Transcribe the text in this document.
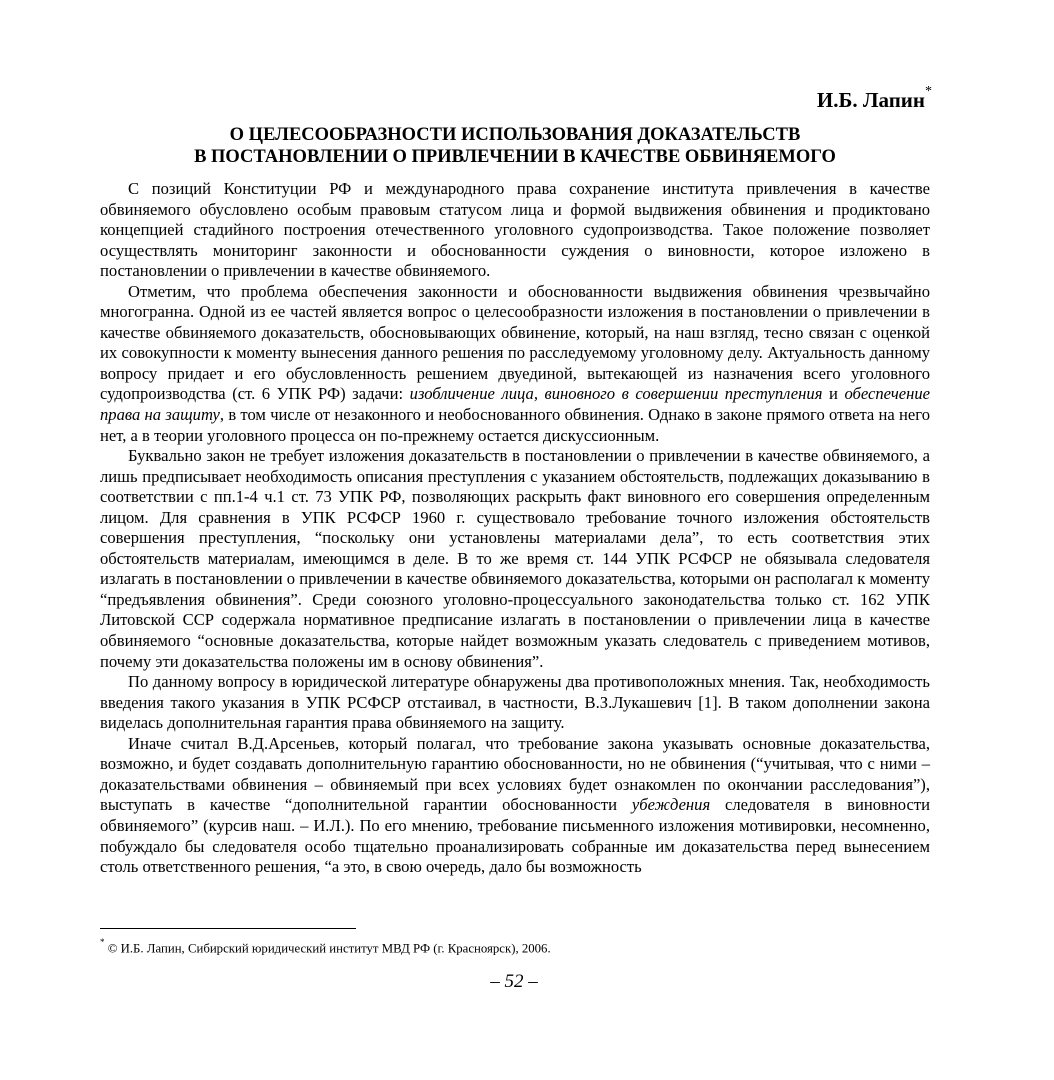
И.Б. Лапин*
О ЦЕЛЕСООБРАЗНОСТИ ИСПОЛЬЗОВАНИЯ ДОКАЗАТЕЛЬСТВ
В ПОСТАНОВЛЕНИИ О ПРИВЛЕЧЕНИИ В КАЧЕСТВЕ ОБВИНЯЕМОГО

С позиций Конституции РФ и международного права сохранение института привлечения в качестве обвиняемого обусловлено особым правовым статусом лица и формой выдвижения обвинения и продиктовано концепцией стадийного построения отечественного уголовного судопроизводства. Такое положение позволяет осуществлять мониторинг законности и обоснованности суждения о виновности, которое изложено в постановлении о привлечении в качестве обвиняемого.

Отметим, что проблема обеспечения законности и обоснованности выдвижения обвинения чрезвычайно многогранна. Одной из ее частей является вопрос о целесообразности изложения в постановлении о привлечении в качестве обвиняемого доказательств, обосновывающих обвинение, который, на наш взгляд, тесно связан с оценкой их совокупности к моменту вынесения данного решения по расследуемому уголовному делу. Актуальность данному вопросу придает и его обусловленность решением двуединой, вытекающей из назначения всего уголовного судопроизводства (ст. 6 УПК РФ) задачи: изобличение лица, виновного в совершении преступления и обеспечение права на защиту, в том числе от незаконного и необоснованного обвинения. Однако в законе прямого ответа на него нет, а в теории уголовного процесса он по-прежнему остается дискуссионным.

Буквально закон не требует изложения доказательств в постановлении о привлечении в качестве обвиняемого, а лишь предписывает необходимость описания преступления с указанием обстоятельств, подлежащих доказыванию в соответствии с пп.1-4 ч.1 ст. 73 УПК РФ, позволяющих раскрыть факт виновного его совершения определенным лицом. Для сравнения в УПК РСФСР 1960 г. существовало требование точного изложения обстоятельств совершения преступления, “поскольку они установлены материалами дела”, то есть соответствия этих обстоятельств материалам, имеющимся в деле. В то же время ст. 144 УПК РСФСР не обязывала следователя излагать в постановлении о привлечении в качестве обвиняемого доказательства, которыми он располагал к моменту “предъявления обвинения”. Среди союзного уголовно-процессуального законодательства только ст. 162 УПК Литовской ССР содержала нормативное предписание излагать в постановлении о привлечении лица в качестве обвиняемого “основные доказательства, которые найдет возможным указать следователь с приведением мотивов, почему эти доказательства положены им в основу обвинения”.

По данному вопросу в юридической литературе обнаружены два противоположных мнения. Так, необходимость введения такого указания в УПК РСФСР отстаивал, в частности, В.З.Лукашевич [1]. В таком дополнении закона виделась дополнительная гарантия права обвиняемого на защиту.

Иначе считал В.Д.Арсеньев, который полагал, что требование закона указывать основные доказательства, возможно, и будет создавать дополнительную гарантию обоснованности, но не обвинения (“учитывая, что с ними – доказательствами обвинения – обвиняемый при всех условиях будет ознакомлен по окончании расследования”), выступать в качестве “дополнительной гарантии обоснованности убеждения следователя в виновности обвиняемого” (курсив наш. – И.Л.). По его мнению, требование письменного изложения мотивировки, несомненно, побуждало бы следователя особо тщательно проанализировать собранные им доказательства перед вынесением столь ответственного решения, “а это, в свою очередь, дало бы возможность

* © И.Б. Лапин, Сибирский юридический институт МВД РФ (г. Красноярск), 2006.
– 52 –
